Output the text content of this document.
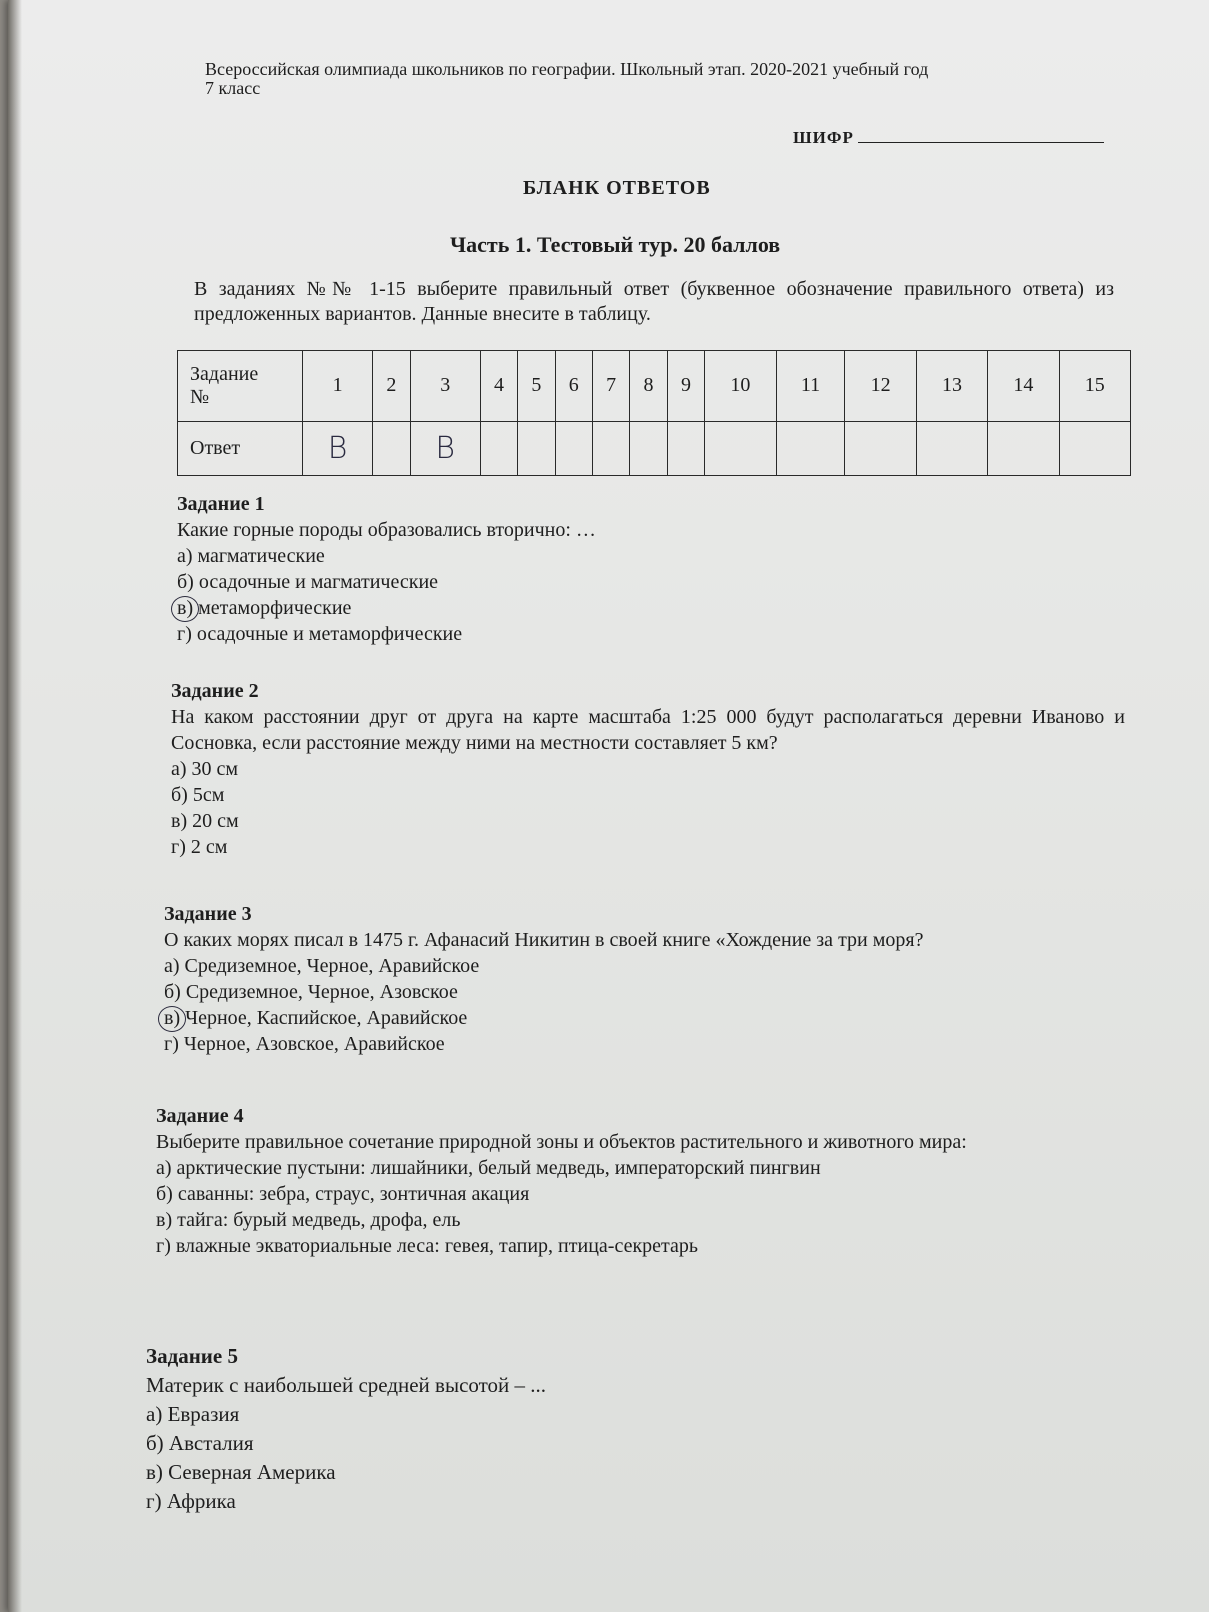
Всероссийская олимпиада школьников по географии. Школьный этап. 2020-2021 учебный год
7 класс
ШИФР
БЛАНК ОТВЕТОВ
Часть 1. Тестовый тур. 20 баллов
В заданиях №№ 1-15 выберите правильный ответ (буквенное обозначение правильного ответа) из предложенных вариантов. Данные внесите в таблицу.
Задание
№	1	2	3	4	5	6	7	8	9	10	11	12	13	14	15
Ответ	В		В												
Задание 1
Какие горные породы образовались вторично: …
а) магматические
б) осадочные и магматические
в) метаморфические
г) осадочные и метаморфические
Задание 2
На каком расстоянии друг от друга на карте масштаба 1:25 000 будут располагаться деревни Иваново и Сосновка, если расстояние между ними на местности составляет 5 км?
а) 30 см
б) 5см
в) 20 см
г) 2 см
Задание 3
О каких морях писал в 1475 г. Афанасий Никитин в своей книге «Хождение за три моря?
а) Средиземное, Черное, Аравийское
б) Средиземное, Черное, Азовское
в) Черное, Каспийское, Аравийское
г) Черное, Азовское, Аравийское
Задание 4
Выберите правильное сочетание природной зоны и объектов растительного и животного мира:
а) арктические пустыни: лишайники, белый медведь, императорский пингвин
б) саванны: зебра, страус, зонтичная акация
в) тайга: бурый медведь, дрофа, ель
г) влажные экваториальные леса: гевея, тапир, птица-секретарь
Задание 5
Материк с наибольшей средней высотой – ...
а) Евразия
б) Австалия
в) Северная Америка
г) Африка
